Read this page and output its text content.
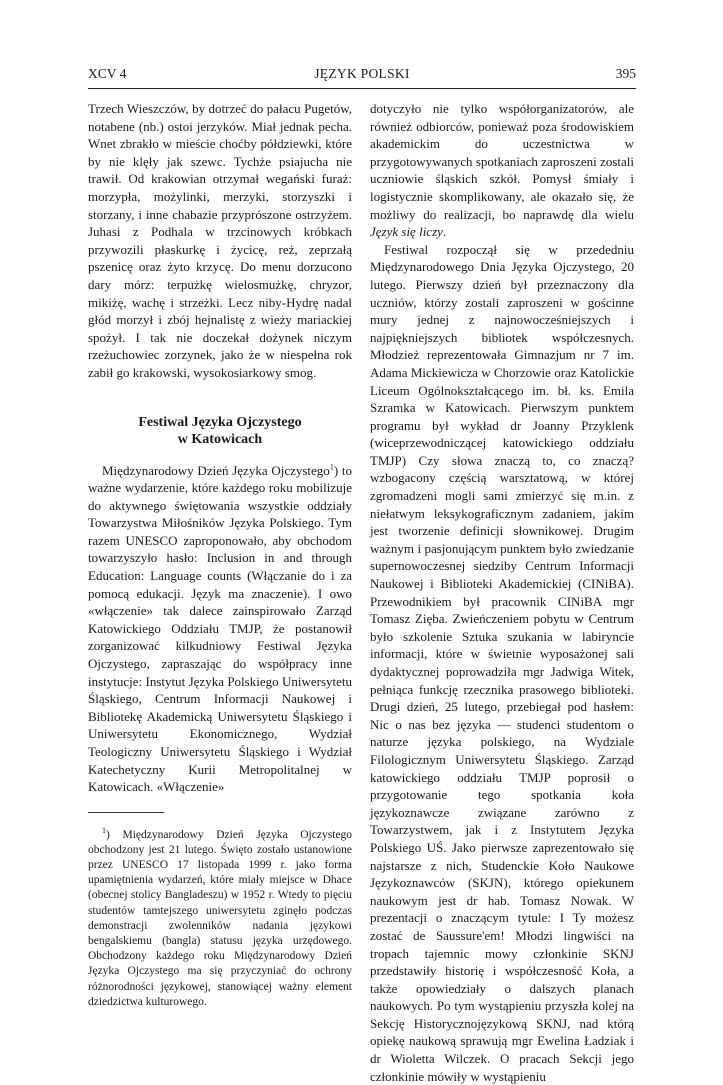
XCV 4	JĘZYK POLSKI	395

Trzech Wieszczów, by dotrzeć do pałacu Pugetów, notabene (nb.) ostoi jerzyków. Miał jednak pecha. Wnet zbrakło w mieście choćby półdziewki, które by nie klęły jak szewc. Tychże psiajucha nie trawił. Od krakowian otrzymał wegański furaż: morzypła, możylinki, merzyki, storzyszki i storzany, i inne chabazie przyprószone ostrzyżem. Juhasi z Podhala w trzcinowych króbkach przywozili płaskurkę i życicę, reż, zeprzałą pszenicę oraz żyto krzycę. Do menu dorzucono dary mórz: terpużkę wielosmużkę, chryzor, mikiżę, wachę i strzeżki. Lecz niby-Hydrę nadal głód morzył i zbój hejnalistę z wieży mariackiej spożył. I tak nie doczekał dożynek niczym rzeżuchowiec zorzynek, jako że w niespełna rok zabił go krakowski, wysokosiarkowy smog.

Festiwal Języka Ojczystego
w Katowicach

Międzynarodowy Dzień Języka Ojczystego$^1$) to ważne wydarzenie, które każdego roku mobilizuje do aktywnego świętowania wszystkie oddziały Towarzystwa Miłośników Języka Polskiego. Tym razem UNESCO zaproponowało, aby obchodom towarzyszyło hasło: Inclusion in and through Education: Language counts (Włączanie do i za pomocą edukacji. Język ma znaczenie). I owo «włączenie» tak dalece zainspirowało Zarząd Katowickiego Oddziału TMJP, że postanowił zorganizować kilkudniowy Festiwal Języka Ojczystego, zapraszając do współpracy inne instytucje: Instytut Języka Polskiego Uniwersytetu Śląskiego, Centrum Informacji Naukowej i Bibliotekę Akademicką Uniwersytetu Śląskiego i Uniwersytetu Ekonomicznego, Wydział Teologiczny Uniwersytetu Śląskiego i Wydział Katechetyczny Kurii Metropolitalnej w Katowicach. «Włączenie»

$^1$) Międzynarodowy Dzień Języka Ojczystego obchodzony jest 21 lutego. Święto zostało ustanowione przez UNESCO 17 listopada 1999 r. jako forma upamiętnienia wydarzeń, które miały miejsce w Dhace (obecnej stolicy Bangladeszu) w 1952 r. Wtedy to pięciu studentów tamtejszego uniwersytetu zginęło podczas demonstracji zwolenników nadania językowi bengalskiemu (bangla) statusu języka urzędowego. Obchodzony każdego roku Międzynarodowy Dzień Języka Ojczystego ma się przyczyniać do ochrony różnorodności językowej, stanowiącej ważny element dziedzictwa kulturowego.

dotyczyło nie tylko współorganizatorów, ale również odbiorców, ponieważ poza środowiskiem akademickim do uczestnictwa w przygotowywanych spotkaniach zaproszeni zostali uczniowie śląskich szkół. Pomysł śmiały i logistycznie skomplikowany, ale okazało się, że możliwy do realizacji, bo naprawdę dla wielu Język się liczy.

Festiwal rozpoczął się w przededniu Międzynarodowego Dnia Języka Ojczystego, 20 lutego. Pierwszy dzień był przeznaczony dla uczniów, którzy zostali zaproszeni w gościnne mury jednej z najnowocześniejszych i najpiękniejszych bibliotek współczesnych. Młodzież reprezentowała Gimnazjum nr 7 im. Adama Mickiewicza w Chorzowie oraz Katolickie Liceum Ogólnokształcącego im. bł. ks. Emila Szramka w Katowicach. Pierwszym punktem programu był wykład dr Joanny Przyklenk (wiceprzewodniczącej katowickiego oddziału TMJP) Czy słowa znaczą to, co znaczą? wzbogacony częścią warsztatową, w której zgromadzeni mogli sami zmierzyć się m.in. z niełatwym leksykograficznym zadaniem, jakim jest tworzenie definicji słownikowej. Drugim ważnym i pasjonującym punktem było zwiedzanie supernowoczesnej siedziby Centrum Informacji Naukowej i Biblioteki Akademickiej (CINiBA). Przewodnikiem był pracownik CINiBA mgr Tomasz Zięba. Zwieńczeniem pobytu w Centrum było szkolenie Sztuka szukania w labiryncie informacji, które w świetnie wyposażonej sali dydaktycznej poprowadziła mgr Jadwiga Witek, pełniąca funkcję rzecznika prasowego biblioteki. Drugi dzień, 25 lutego, przebiegał pod hasłem: Nic o nas bez języka — studenci studentom o naturze języka polskiego, na Wydziale Filologicznym Uniwersytetu Śląskiego. Zarząd katowickiego oddziału TMJP poprosił o przygotowanie tego spotkania koła językoznawcze związane zarówno z Towarzystwem, jak i z Instytutem Języka Polskiego UŚ. Jako pierwsze zaprezentowało się najstarsze z nich, Studenckie Koło Naukowe Językoznawców (SKJN), którego opiekunem naukowym jest dr hab. Tomasz Nowak. W prezentacji o znaczącym tytule: I Ty możesz zostać de Saussure'em! Młodzi lingwiści na tropach tajemnic mowy członkinie SKNJ przedstawiły historię i współczesność Koła, a także opowiedziały o dalszych planach naukowych. Po tym wystąpieniu przyszła kolej na Sekcję Historycznojęzykową SKNJ, nad którą opiekę naukową sprawują mgr Ewelina Ładziak i dr Wioletta Wilczek. O pracach Sekcji jego członkinie mówiły w wystąpieniu
